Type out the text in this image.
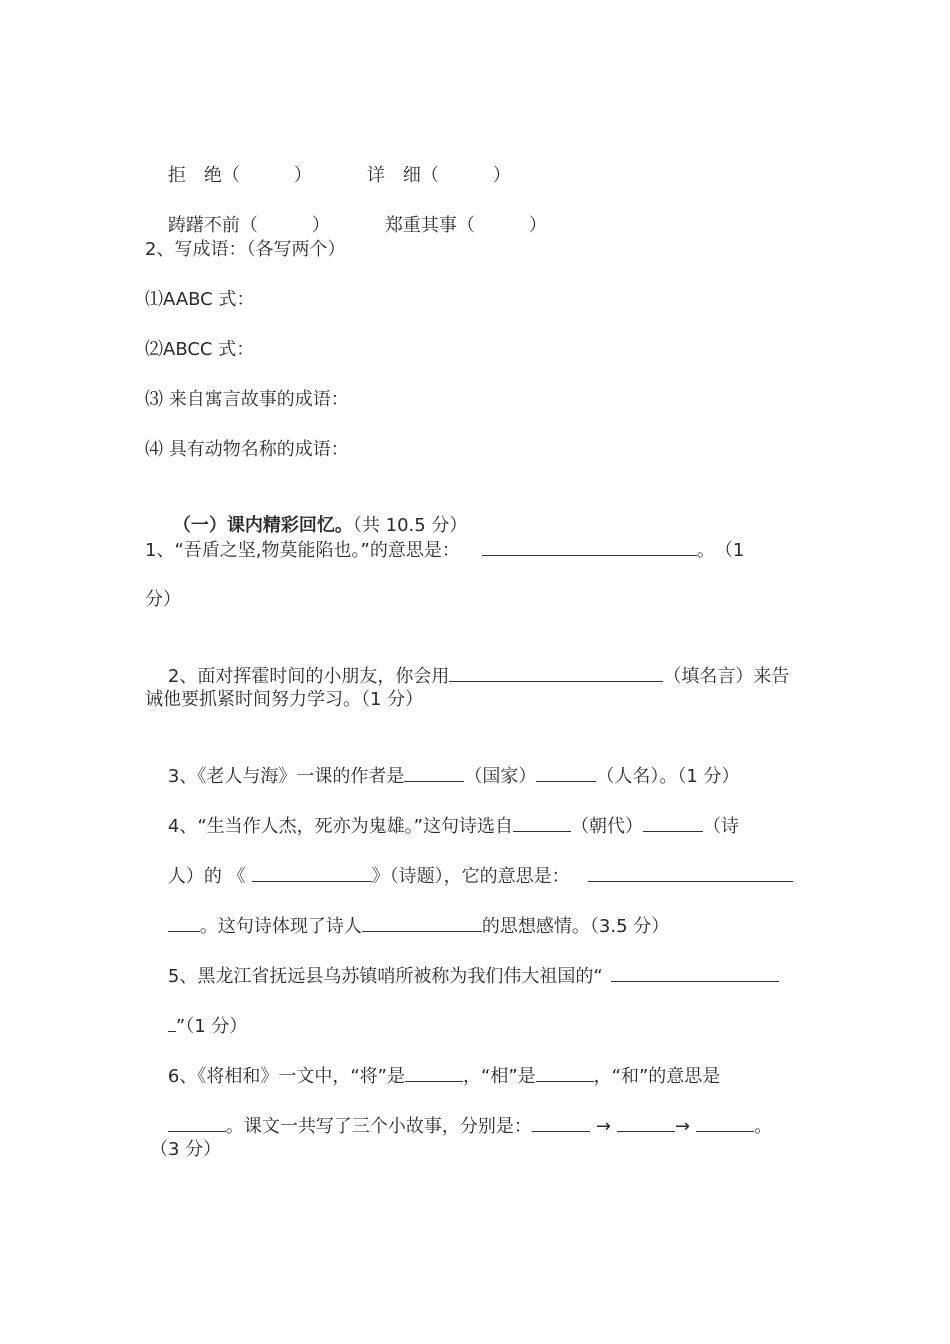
拒　绝（　　　）	详　细（　　　）

踌躇不前（　　　）	郑重其事（　　　）

2、写成语：（各写两个）
⑴AABC 式：
⑵ABCC 式：
⑶ 来自寓言故事的成语：
⑷ 具有动物名称的成语：

（一）课内精彩回忆。（共 10.5 分）

1、“吾盾之坚,物莫能陷也。”的意思是：	。　（1
分）

2、面对挥霍时间的小朋友，你会用	（填名言）来告

诫他要抓紧时间努力学习。（1 分）

3、《老人与海》一课的作者是	（国家）	（人名）。（1 分）

4、“生当作人杰，死亦为鬼雄。”这句诗选自	（朝代）	（诗

人）的 《	》（诗题），它的意思是：

。这句诗体现了诗人	的思想感情。（3.5 分）

5、黑龙江省抚远县乌苏镇哨所被称为我们伟大祖国的“

”（1 分）

6、《将相和》一文中，“将”是	，“相”是	，“和”的意思是

。课文一共写了三个小故事，分别是：	→	→	。

（3 分）
